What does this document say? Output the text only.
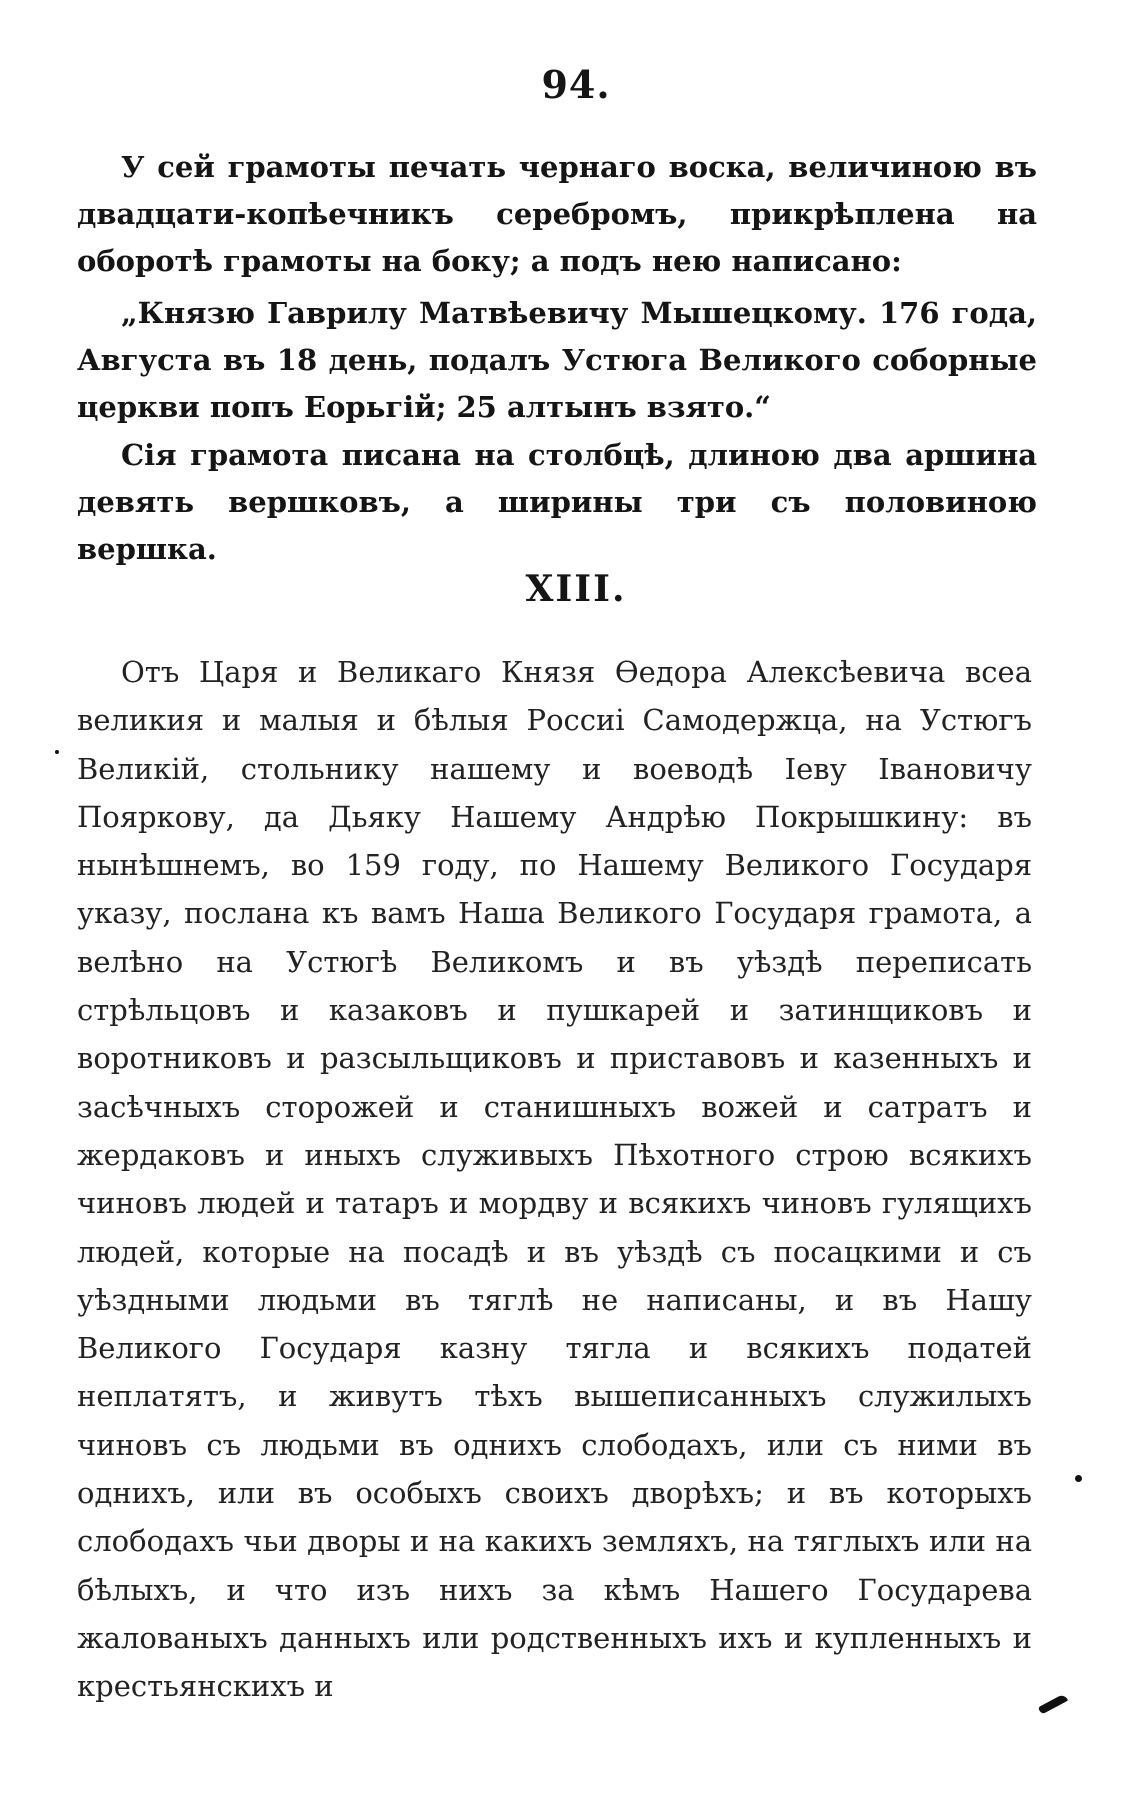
94.
У сей грамоты печать чернаго воска, величиною въ двадцати-копѣечникъ серебромъ, прикрѣплена на оборотѣ грамоты на боку; а подъ нею написано:
„Князю Гаврилу Матвѣевичу Мышецкому. 176 года, Августа въ 18 день, подалъ Устюга Великого соборные церкви попъ Еорьгій; 25 алтынъ взято.“
Сія грамота писана на столбцѣ, длиною два аршина девять вершковъ, а ширины три съ половиною вершка.
XIII.
Отъ Царя и Великаго Князя Өедора Алексѣевича всеа великия и малыя и бѣлыя Россиі Самодержца, на Устюгъ Великій, стольнику нашему и воеводѣ Іеву Івановичу Пояркову, да Дьяку Нашему Андрѣю Покрышкину: въ нынѣшнемъ, во 159 году, по Нашему Великого Государя указу, послана къ вамъ Наша Великого Государя грамота, а велѣно на Устюгѣ Великомъ и въ уѣздѣ переписать стрѣльцовъ и казаковъ и пушкарей и затинщиковъ и воротниковъ и разсыльщиковъ и приставовъ и казенныхъ и засѣчныхъ сторожей и станишныхъ вожей и сатратъ и жердаковъ и иныхъ служивыхъ Пѣхотного строю всякихъ чиновъ людей и татаръ и мордву и всякихъ чиновъ гулящихъ людей, которые на посадѣ и въ уѣздѣ съ посацкими и съ уѣздными людьми въ тяглѣ не написаны, и въ Нашу Великого Государя казну тягла и всякихъ податей неплатятъ, и живутъ тѣхъ вышеписанныхъ служилыхъ чиновъ съ людьми въ однихъ слободахъ, или съ ними въ однихъ, или въ особыхъ своихъ дворѣхъ; и въ которыхъ слободахъ чьи дворы и на какихъ земляхъ, на тяглыхъ или на бѣлыхъ, и что изъ нихъ за кѣмъ Нашего Государева жалованыхъ данныхъ или родственныхъ ихъ и купленныхъ и крестьянскихъ и
